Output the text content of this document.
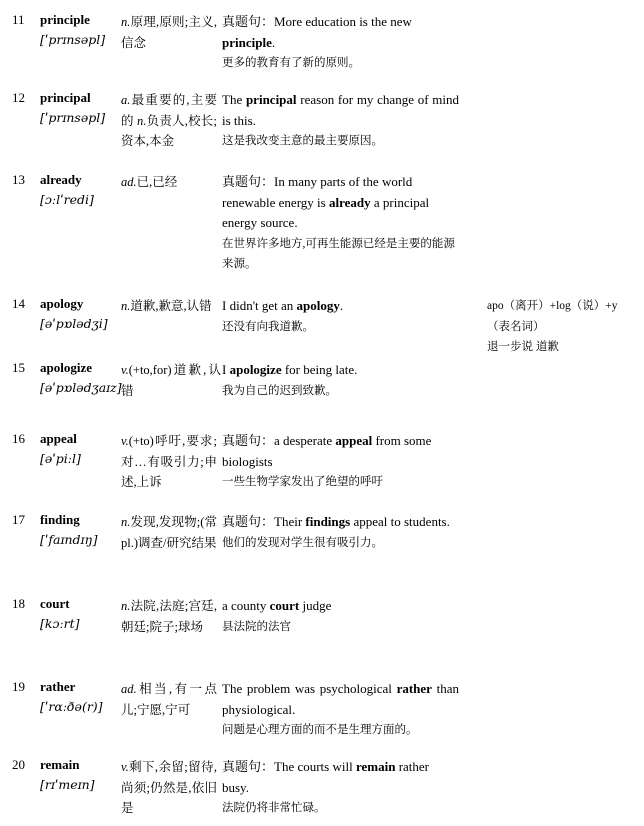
11	principle
[ˈprɪnsəpl]
n.原理,原则;主义,信念
真题句：More education is the new principle.
更多的教育有了新的原则。
12	principal
[ˈprɪnsəpl]
a.最重要的,主要的 n.负责人,校长;资本,本金
The principal reason for my change of mind is this.
这是我改变主意的最主要原因。
13	already
[ɔːlˈredi]
ad.已,已经	真题句：In many parts of the world renewable energy is already a principal energy source.
在世界许多地方,可再生能源已经是主要的能源来源。
14	apology
[əˈpɒlədʒi]
n.道歉,歉意,认错 I didn't get an apology.
还没有向我道歉。
apo（离开）+log（说）+y
（表名词）
退一步说 道歉
15	apologize
[əˈpɒlədʒaɪz]
v.(+to,for)道歉,认错
I apologize for being late.
我为自己的迟到致歉。
16	appeal
[əˈpiːl]
v.(+to)呼吁,要求;对…有吸引力;申述,上诉
真题句：a desperate appeal from some biologists
一些生物学家发出了绝望的呼吁
17	finding
[ˈfaɪndɪŋ]
n.发现,发现物;(常 pl.)调查/研究结果
真题句：Their findings appeal to students.
他们的发现对学生很有吸引力。
18	court
[kɔːrt]
n.法院,法庭;宫廷,朝廷;院子;球场
a county court judge
县法院的法官
19	rather
[ˈrɑːðə(r)]
ad.相当,有一点儿;宁愿,宁可
The problem was psychological rather than physiological.
问题是心理方面的而不是生理方面的。
20	remain
[rɪˈmeɪn]
v.剩下,余留;留待,尚须;仍然是,依旧是
真题句：The courts will remain rather busy.
法院仍将非常忙碌。
